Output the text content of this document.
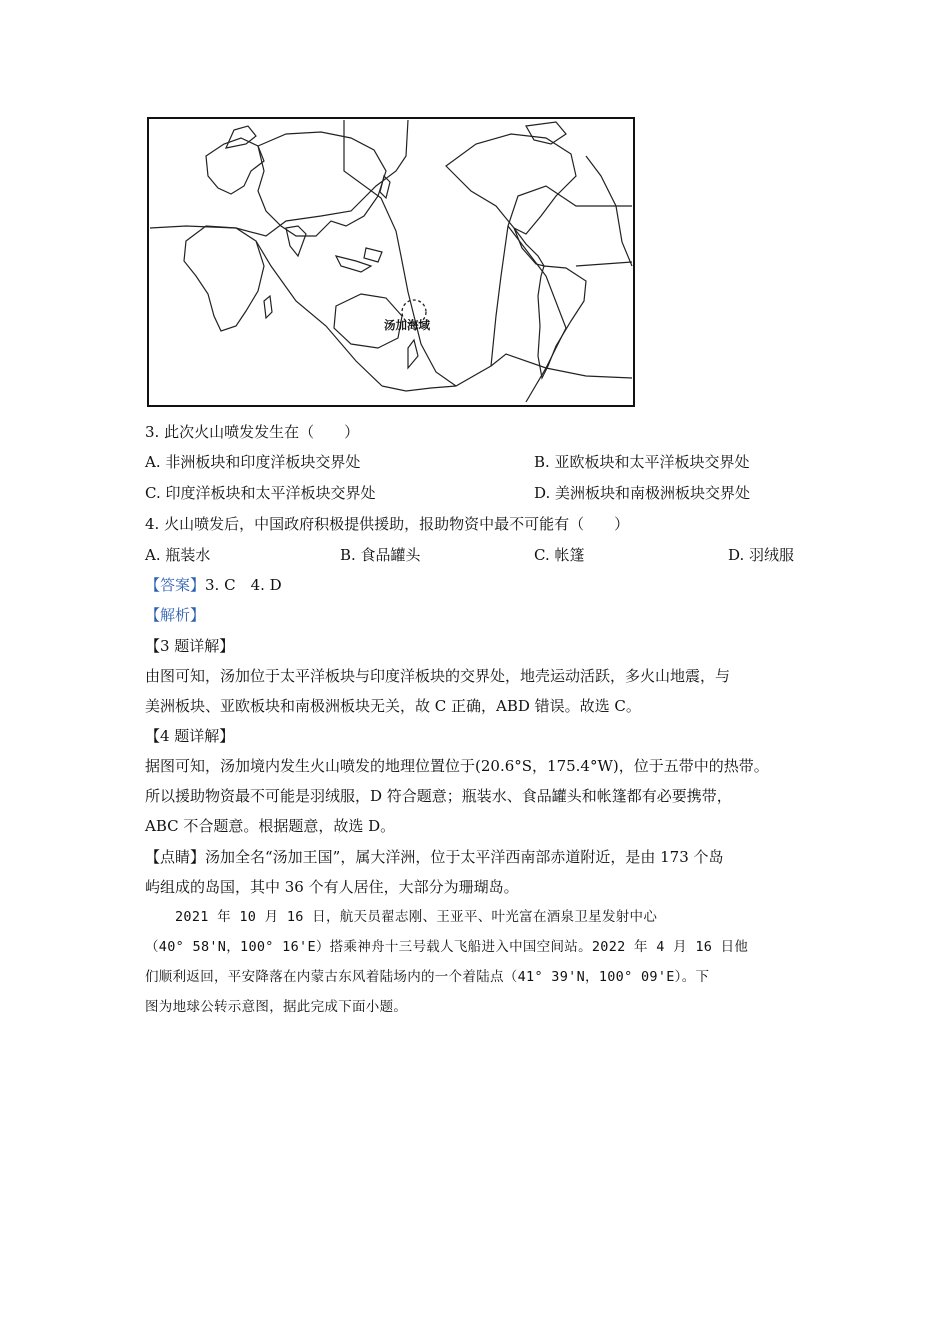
汤加海域
3. 此次火山喷发发生在（　　）
A. 非洲板块和印度洋板块交界处	B. 亚欧板块和太平洋板块交界处
C. 印度洋板块和太平洋板块交界处	D. 美洲板块和南极洲板块交界处
4. 火山喷发后，中国政府积极提供援助，报助物资中最不可能有（　　）
A. 瓶装水	B. 食品罐头	C. 帐篷	D. 羽绒服
【答案】3. C　4. D
【解析】
【3 题详解】
由图可知，汤加位于太平洋板块与印度洋板块的交界处，地壳运动活跃，多火山地震，与
美洲板块、亚欧板块和南极洲板块无关，故 C 正确，ABD 错误。故选 C。
【4 题详解】
据图可知，汤加境内发生火山喷发的地理位置位于(20.6°S，175.4°W)，位于五带中的热带。
所以援助物资最不可能是羽绒服，D 符合题意；瓶装水、食品罐头和帐篷都有必要携带，
ABC 不合题意。根据题意，故选 D。
【点睛】汤加全名“汤加王国”，属大洋洲，位于太平洋西南部赤道附近，是由 173 个岛
屿组成的岛国，其中 36 个有人居住，大部分为珊瑚岛。
2021 年 10 月 16 日，航天员翟志刚、王亚平、叶光富在酒泉卫星发射中心
（40° 58'N，100° 16'E）搭乘神舟十三号载人飞船进入中国空间站。2022 年 4 月 16 日他
们顺利返回，平安降落在内蒙古东风着陆场内的一个着陆点（41° 39'N，100° 09'E）。下
图为地球公转示意图，据此完成下面小题。
